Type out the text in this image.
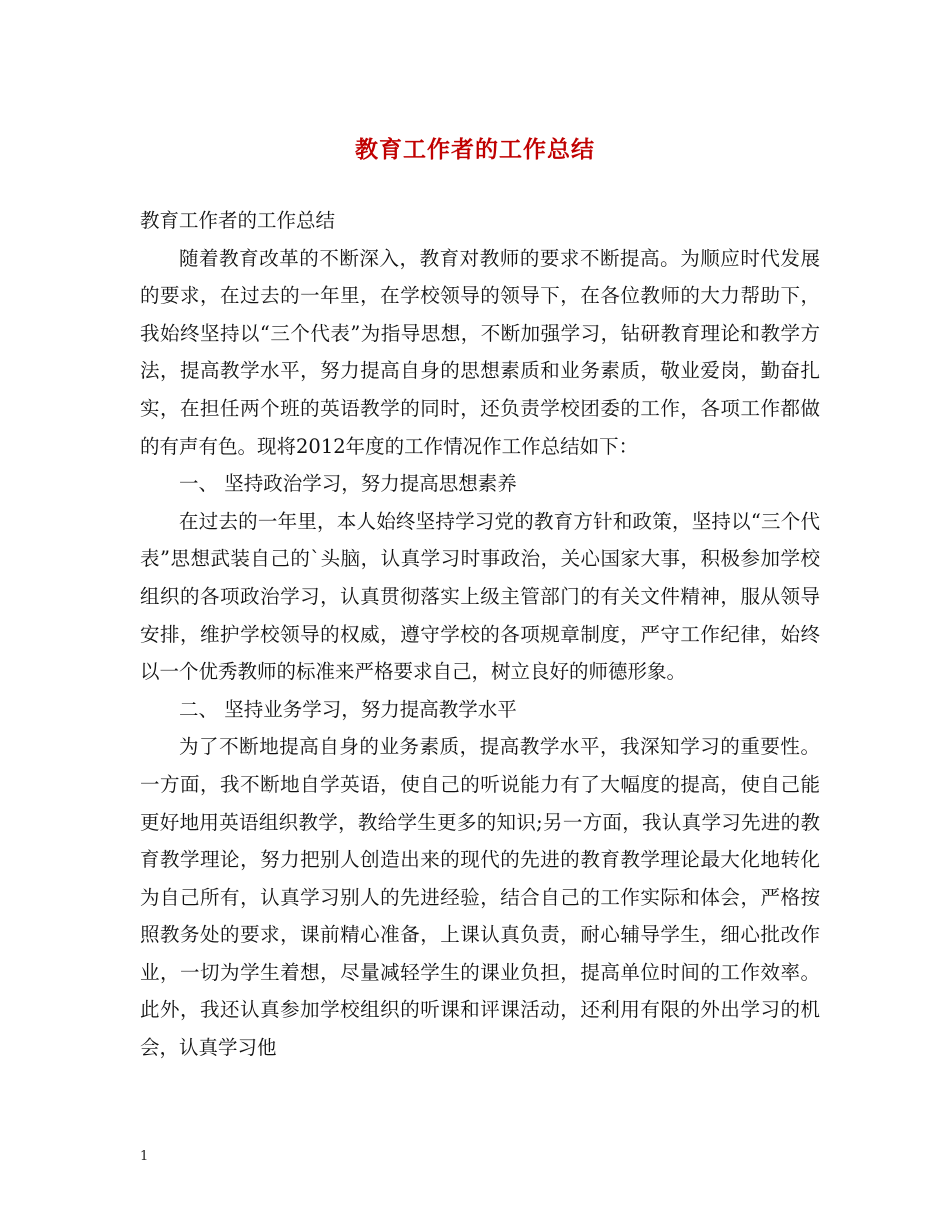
教育工作者的工作总结

教育工作者的工作总结

随着教育改革的不断深入，教育对教师的要求不断提高。为顺应时代发展的要求，在过去的一年里，在学校领导的领导下，在各位教师的大力帮助下，我始终坚持以“三个代表”为指导思想，不断加强学习，钻研教育理论和教学方法，提高教学水平，努力提高自身的思想素质和业务素质，敬业爱岗，勤奋扎实，在担任两个班的英语教学的同时，还负责学校团委的工作，各项工作都做的有声有色。现将2012年度的工作情况作工作总结如下：

一、 坚持政治学习，努力提高思想素养

在过去的一年里，本人始终坚持学习党的教育方针和政策，坚持以“三个代表”思想武装自己的`头脑，认真学习时事政治，关心国家大事，积极参加学校组织的各项政治学习，认真贯彻落实上级主管部门的有关文件精神，服从领导安排，维护学校领导的权威，遵守学校的各项规章制度，严守工作纪律，始终以一个优秀教师的标准来严格要求自己，树立良好的师德形象。

二、 坚持业务学习，努力提高教学水平

为了不断地提高自身的业务素质，提高教学水平，我深知学习的重要性。一方面，我不断地自学英语，使自己的听说能力有了大幅度的提高，使自己能更好地用英语组织教学，教给学生更多的知识;另一方面，我认真学习先进的教育教学理论，努力把别人创造出来的现代的先进的教育教学理论最大化地转化为自己所有，认真学习别人的先进经验，结合自己的工作实际和体会，严格按照教务处的要求，课前精心准备，上课认真负责，耐心辅导学生，细心批改作业，一切为学生着想，尽量减轻学生的课业负担，提高单位时间的工作效率。此外，我还认真参加学校组织的听课和评课活动，还利用有限的外出学习的机会，认真学习他

1
